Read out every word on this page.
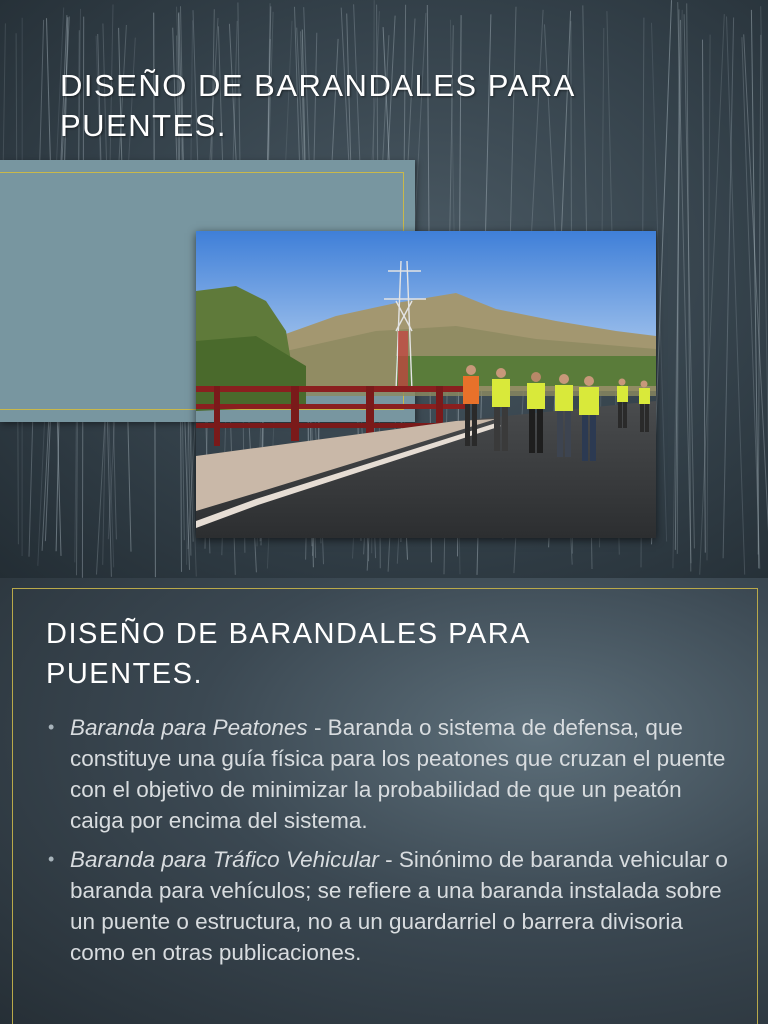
DISEÑO DE BARANDALES PARA PUENTES.
DISEÑO DE BARANDALES PARA PUENTES.
• Baranda para Peatones - Baranda o sistema de defensa, que constituye una guía física para los peatones que cruzan el puente con el objetivo de minimizar la probabilidad de que un peatón caiga por encima del sistema.
• Baranda para Tráfico Vehicular - Sinónimo de baranda vehicular o baranda para vehículos; se refiere a una baranda instalada sobre un puente o estructura, no a un guardarriel o barrera divisoria como en otras publicaciones.
